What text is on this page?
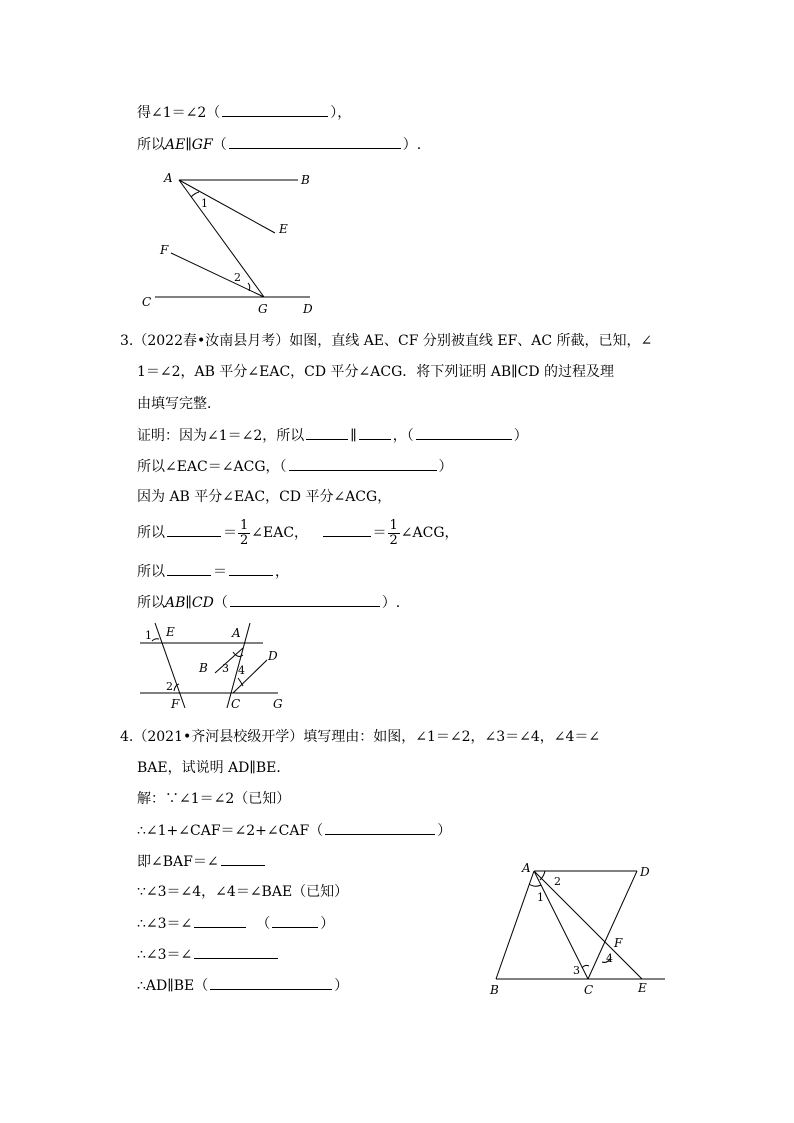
得∠1＝∠2（	），
所以AE∥GF（	）.
A	B
E
F
C	G	D
1
2
3.（2022春•汝南县月考）如图，直线 AE、CF 分别被直线 EF、AC 所截，已知，∠
1＝∠2，AB 平分∠EAC，CD 平分∠ACG．将下列证明 AB∥CD 的过程及理
由填写完整．
证明：因为∠1＝∠2，所以	∥	，（	）
所以∠EAC＝∠ACG，（	）
因为 AB 平分∠EAC，CD 平分∠ACG，
所以	＝ $\frac{1}{2}$ ∠EAC，	＝ $\frac{1}{2}$ ∠ACG，
所以	＝	，
所以AB∥CD（	）.
1 E	A
D
B 3 4
2
F	C	G
4.（2021•齐河县校级开学）填写理由：如图，∠1＝∠2，∠3＝∠4，∠4＝∠
BAE，试说明 AD∥BE．
解：∵∠1＝∠2（已知）
∴∠1+∠CAF＝∠2+∠CAF（	）
即∠BAF＝∠
∵∠3＝∠4，∠4＝∠BAE（已知）
∴∠3＝∠	（	）
∴∠3＝∠
∴AD∥BE（	）
A	D
2
1
F
4
3
B	C	E
